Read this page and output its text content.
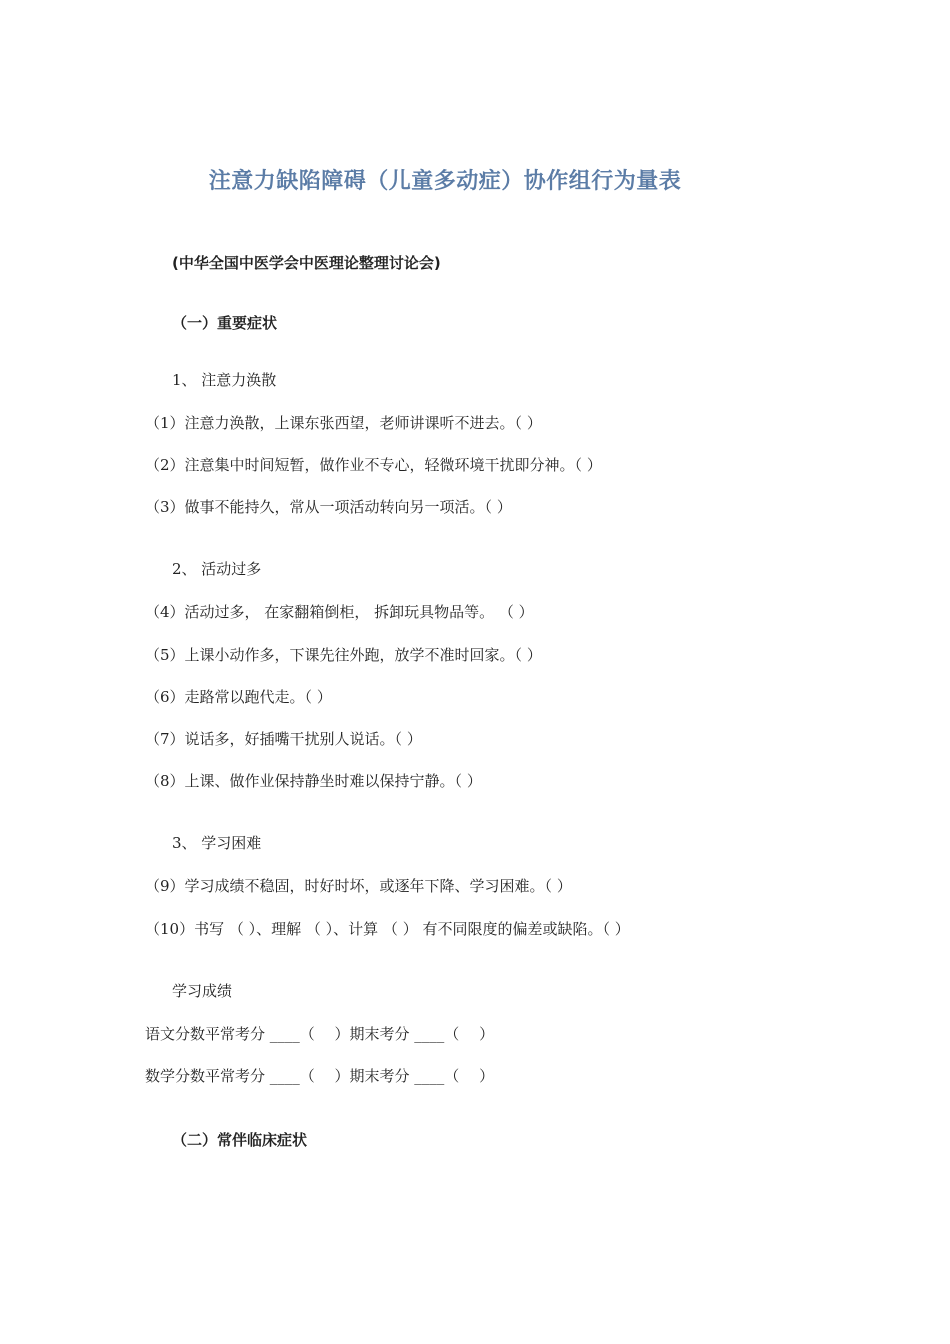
注意力缺陷障碍（儿童多动症）协作组行为量表
(中华全国中医学会中医理论整理讨论会)
（一）重要症状
1、 注意力涣散
（1）注意力涣散，上课东张西望，老师讲课听不进去。（ ）
（2）注意集中时间短暂，做作业不专心，轻微环境干扰即分神。（ ）
（3）做事不能持久，常从一项活动转向另一项活。（ ）
2、 活动过多
（4）活动过多， 在家翻箱倒柜， 拆卸玩具物品等。 （ ）
（5）上课小动作多，下课先往外跑，放学不准时回家。（ ）
（6）走路常以跑代走。（ ）
（7）说话多，好插嘴干扰别人说话。（ ）
（8）上课、做作业保持静坐时难以保持宁静。（ ）
3、 学习困难
（9）学习成绩不稳固，时好时坏，或逐年下降、学习困难。（ ）
（10）书写 （ ）、理解 （ ）、计算 （ ） 有不同限度的偏差或缺陷。（ ）
学习成绩
语文分数平常考分 ____（　 ）期末考分 ____（　 ）
数学分数平常考分 ____（　 ）期末考分 ____（　 ）
（二）常伴临床症状
